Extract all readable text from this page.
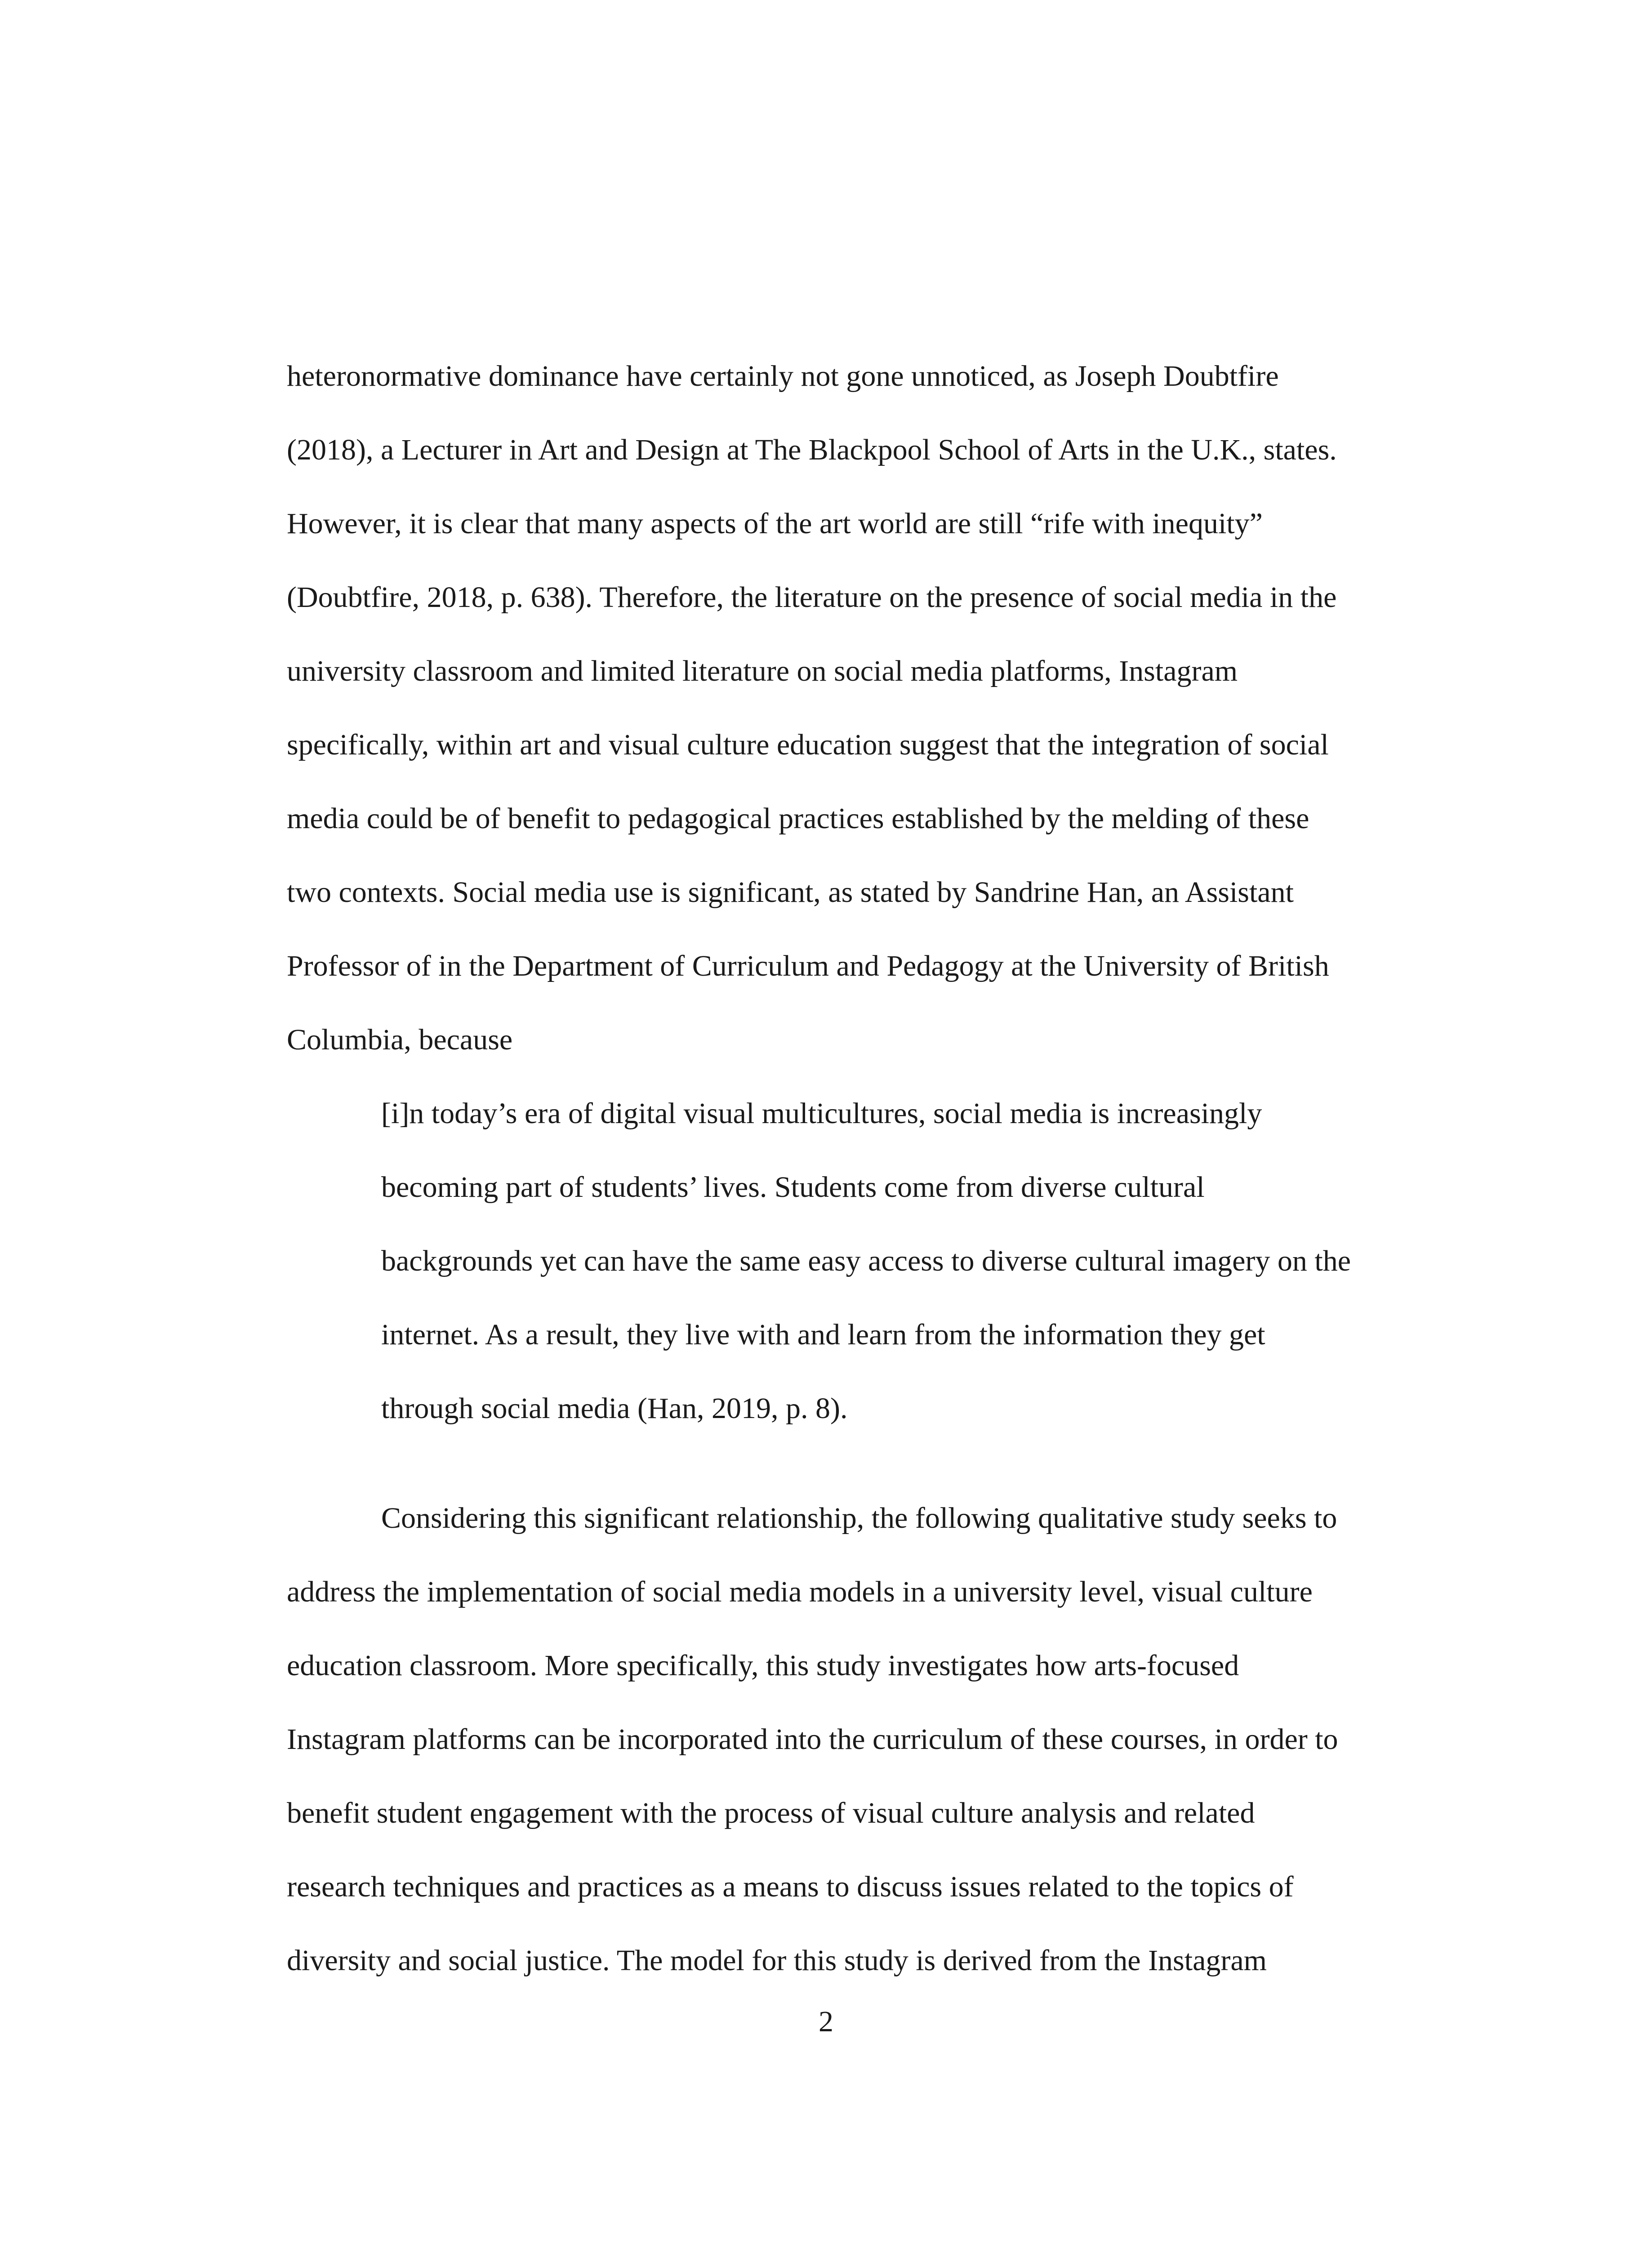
heteronormative dominance have certainly not gone unnoticed, as Joseph Doubtfire

(2018), a Lecturer in Art and Design at The Blackpool School of Arts in the U.K., states.

However, it is clear that many aspects of the art world are still “rife with inequity”

(Doubtfire, 2018, p. 638). Therefore, the literature on the presence of social media in the

university classroom and limited literature on social media platforms, Instagram

specifically, within art and visual culture education suggest that the integration of social

media could be of benefit to pedagogical practices established by the melding of these

two contexts. Social media use is significant, as stated by Sandrine Han, an Assistant

Professor of in the Department of Curriculum and Pedagogy at the University of British

Columbia, because

[i]n today’s era of digital visual multicultures, social media is increasingly

becoming part of students’ lives. Students come from diverse cultural

backgrounds yet can have the same easy access to diverse cultural imagery on the

internet. As a result, they live with and learn from the information they get

through social media (Han, 2019, p. 8).

Considering this significant relationship, the following qualitative study seeks to

address the implementation of social media models in a university level, visual culture

education classroom. More specifically, this study investigates how arts-focused

Instagram platforms can be incorporated into the curriculum of these courses, in order to

benefit student engagement with the process of visual culture analysis and related

research techniques and practices as a means to discuss issues related to the topics of

diversity and social justice. The model for this study is derived from the Instagram

2
